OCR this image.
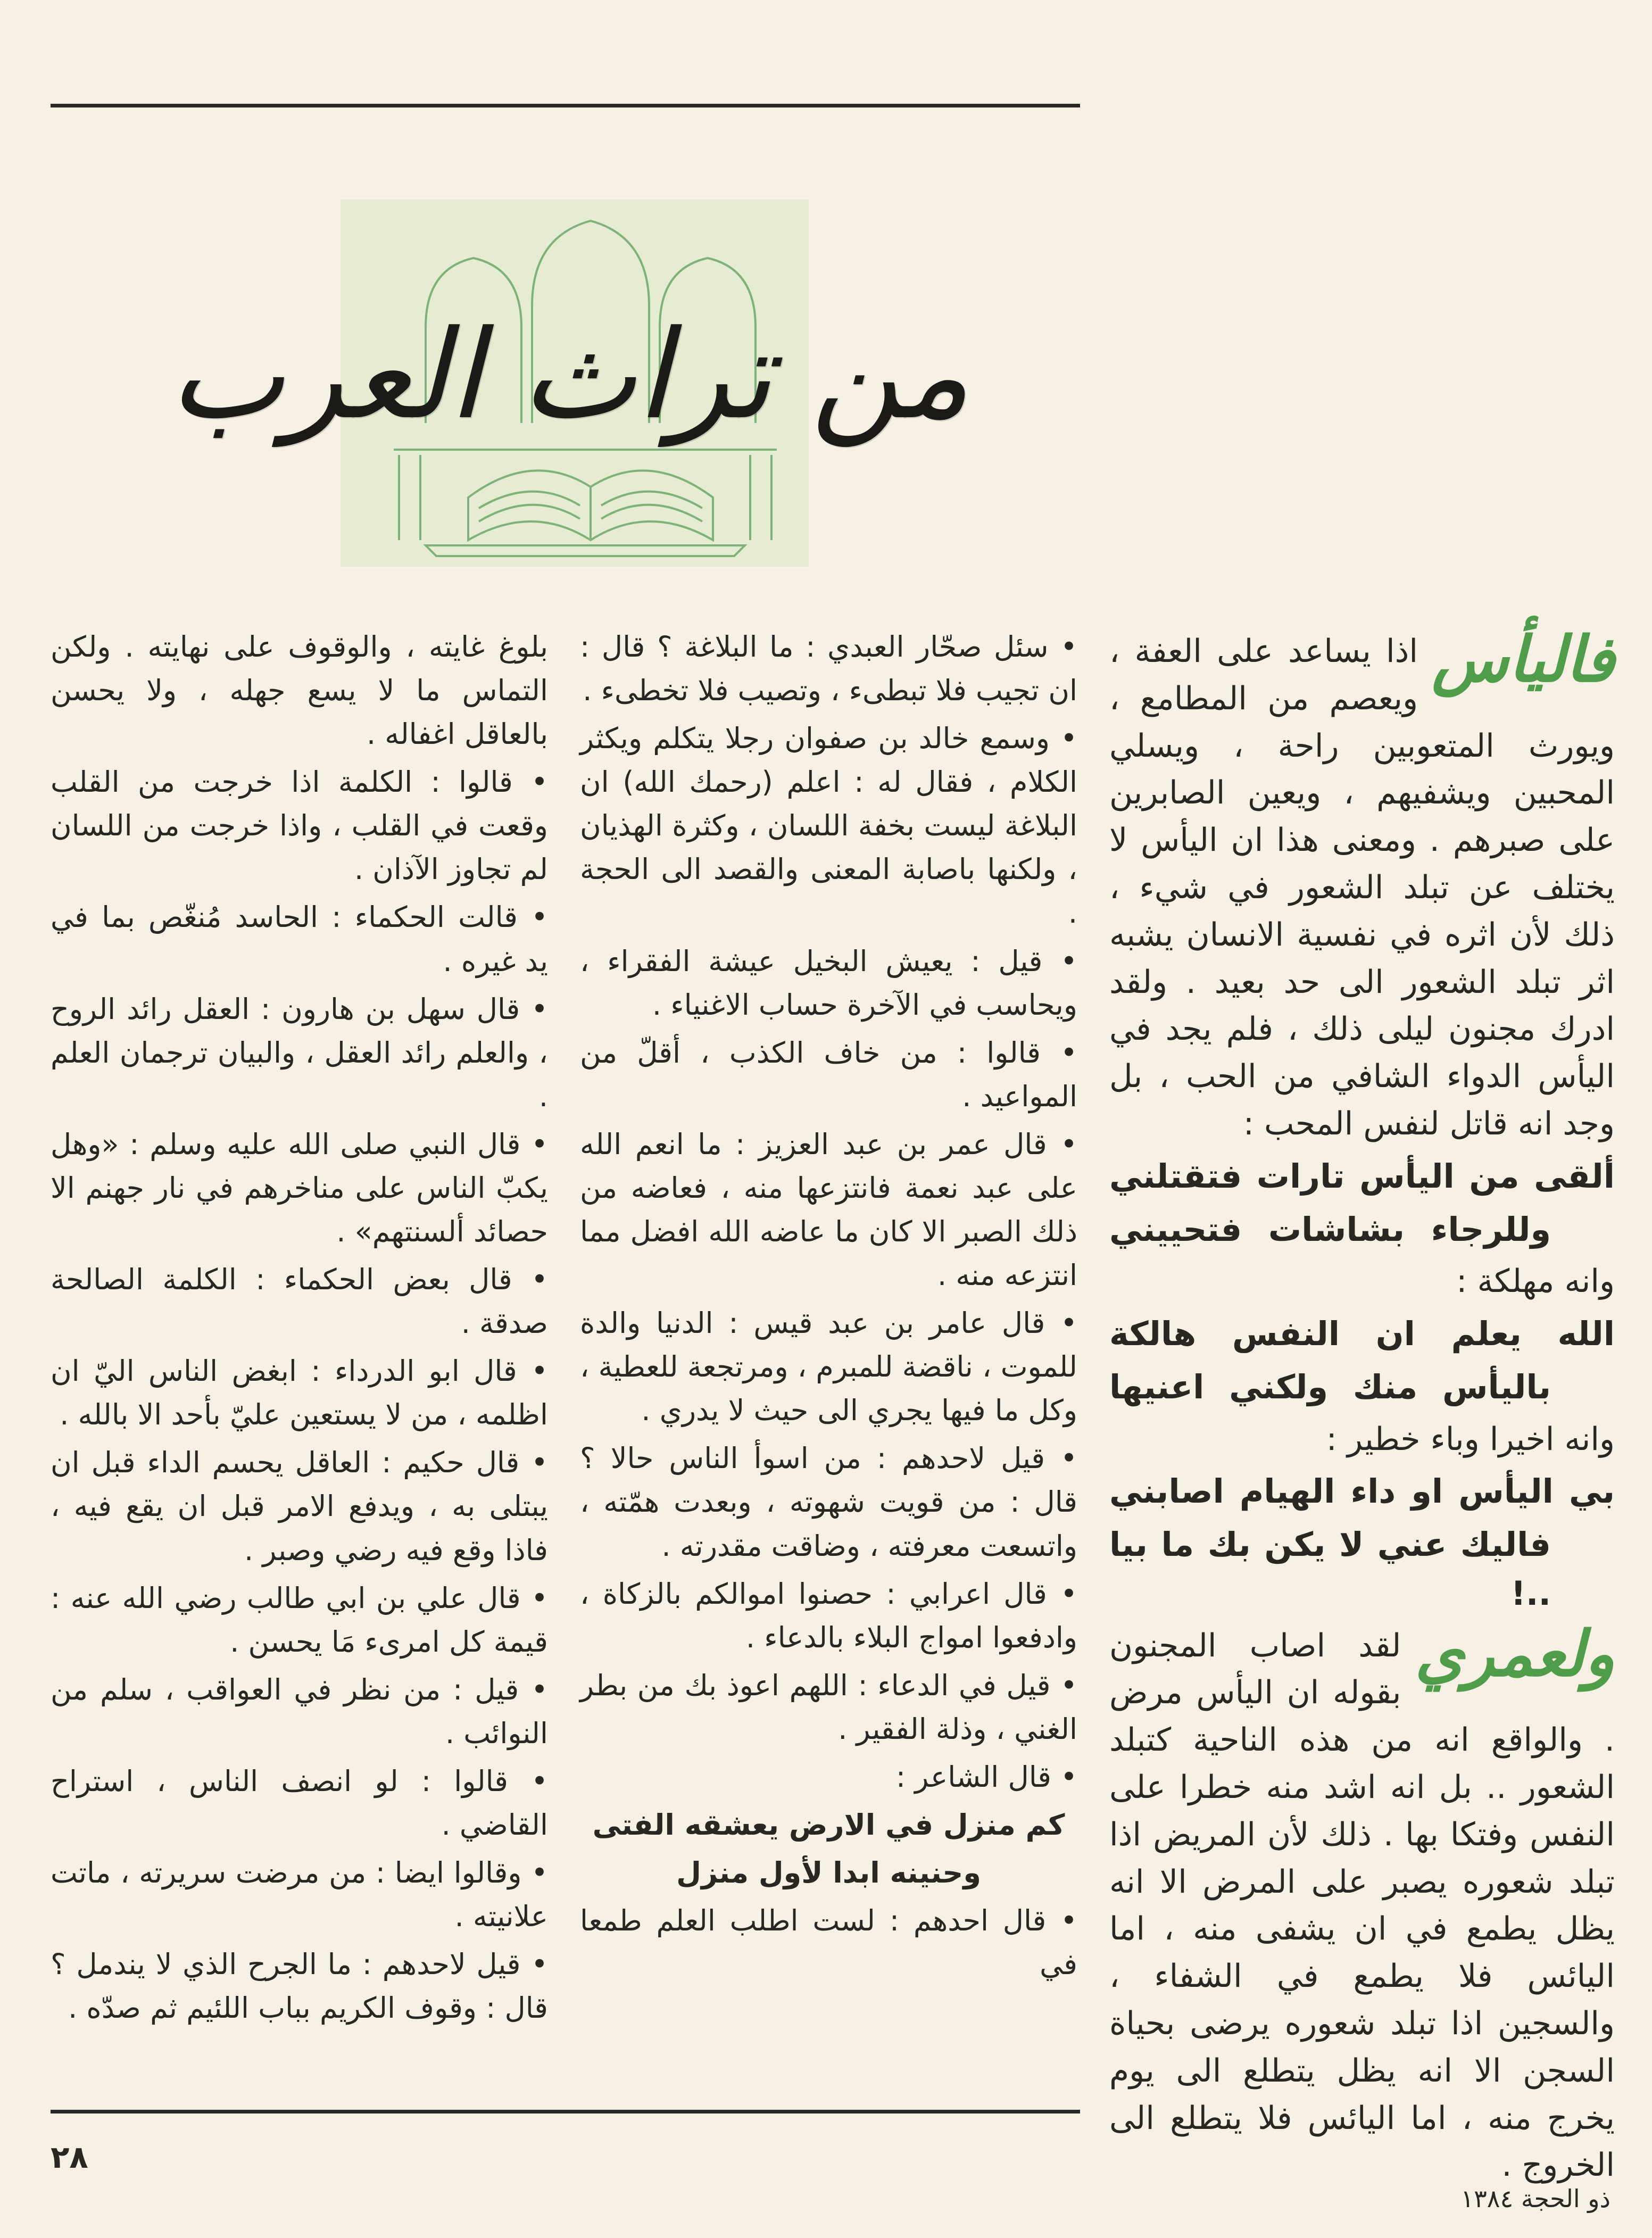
من تراث العرب

فاليأس
اذا يساعد على العفة ، ويعصم من المطامع ، ويورث المتعوبين راحة ، ويسلي المحبين ويشفيهم ، ويعين الصابرين على صبرهم . ومعنى هذا ان اليأس لا يختلف عن تبلد الشعور في شيء ، ذلك لأن اثره في نفسية الانسان يشبه اثر تبلد الشعور الى حد بعيد . ولقد ادرك مجنون ليلى ذلك ، فلم يجد في اليأس الدواء الشافي من الحب ، بل وجد انه قاتل لنفس المحب :

ألقى من اليأس تارات فتقتلني

وللرجاء بشاشات فتحييني

وانه مهلكة :

الله يعلم ان النفس هالكة

باليأس منك ولكني اعنيها

وانه اخيرا وباء خطير :

بي اليأس او داء الهيام اصابني

فاليك عني لا يكن بك ما بيا ..!

ولعمري
لقد اصاب المجنون بقوله ان اليأس مرض . والواقع انه من هذه الناحية كتبلد الشعور .. بل انه اشد منه خطرا على النفس وفتكا بها . ذلك لأن المريض اذا تبلد شعوره يصبر على المرض الا انه يظل يطمع في ان يشفى منه ، اما اليائس فلا يطمع في الشفاء ، والسجين اذا تبلد شعوره يرضى بحياة السجن الا انه يظل يتطلع الى يوم يخرج منه ، اما اليائس فلا يتطلع الى الخروج .

• سئل صحّار العبدي : ما البلاغة ؟ قال : ان تجيب فلا تبطىء ، وتصيب فلا تخطىء .

• وسمع خالد بن صفوان رجلا يتكلم ويكثر الكلام ، فقال له : اعلم (رحمك الله) ان البلاغة ليست بخفة اللسان ، وكثرة الهذيان ، ولكنها باصابة المعنى والقصد الى الحجة .

• قيل : يعيش البخيل عيشة الفقراء ، ويحاسب في الآخرة حساب الاغنياء .

• قالوا : من خاف الكذب ، أقلّ من المواعيد .

• قال عمر بن عبد العزيز : ما انعم الله على عبد نعمة فانتزعها منه ، فعاضه من ذلك الصبر الا كان ما عاضه الله افضل مما انتزعه منه .

• قال عامر بن عبد قيس : الدنيا والدة للموت ، ناقضة للمبرم ، ومرتجعة للعطية ، وكل ما فيها يجري الى حيث لا يدري .

• قيل لاحدهم : من اسوأ الناس حالا ؟ قال : من قويت شهوته ، وبعدت همّته ، واتسعت معرفته ، وضاقت مقدرته .

• قال اعرابي : حصنوا اموالكم بالزكاة ، وادفعوا امواج البلاء بالدعاء .

• قيل في الدعاء : اللهم اعوذ بك من بطر الغني ، وذلة الفقير .

• قال الشاعر :

كم منزل في الارض يعشقه الفتى

وحنينه ابدا لأول منزل

• قال احدهم : لست اطلب العلم طمعا في

بلوغ غايته ، والوقوف على نهايته . ولكن التماس ما لا يسع جهله ، ولا يحسن بالعاقل اغفاله .

• قالوا : الكلمة اذا خرجت من القلب وقعت في القلب ، واذا خرجت من اللسان لم تجاوز الآذان .

• قالت الحكماء : الحاسد مُنغّص بما في يد غيره .

• قال سهل بن هارون : العقل رائد الروح ، والعلم رائد العقل ، والبيان ترجمان العلم .

• قال النبي صلى الله عليه وسلم : «وهل يكبّ الناس على مناخرهم في نار جهنم الا حصائد ألسنتهم» .

• قال بعض الحكماء : الكلمة الصالحة صدقة .

• قال ابو الدرداء : ابغض الناس اليّ ان اظلمه ، من لا يستعين عليّ بأحد الا بالله .

• قال حكيم : العاقل يحسم الداء قبل ان يبتلى به ، ويدفع الامر قبل ان يقع فيه ، فاذا وقع فيه رضي وصبر .

• قال علي بن ابي طالب رضي الله عنه : قيمة كل امرىء مَا يحسن .

• قيل : من نظر في العواقب ، سلم من النوائب .

• قالوا : لو انصف الناس ، استراح القاضي .

• وقالوا ايضا : من مرضت سريرته ، ماتت علانيته .

• قيل لاحدهم : ما الجرح الذي لا يندمل ؟ قال : وقوف الكريم بباب اللئيم ثم صدّه .

٢٨
ذو الحجة ١٣٨٤
